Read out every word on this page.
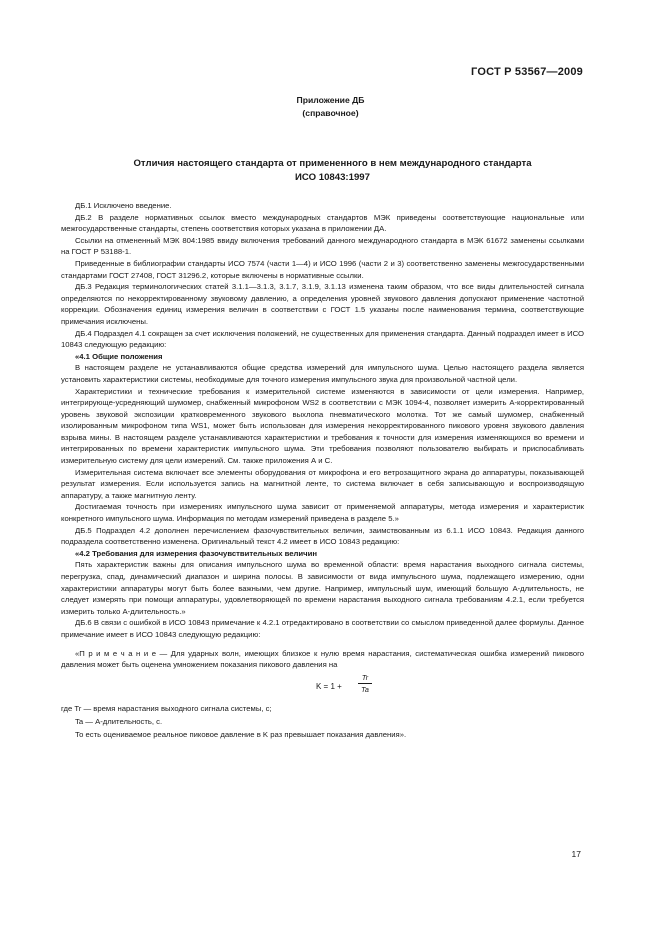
ГОСТ Р 53567—2009
Приложение ДБ
(справочное)
Отличия настоящего стандарта от примененного в нем международного стандарта
ИСО 10843:1997

ДБ.1 Исключено введение.

ДБ.2 В разделе нормативных ссылок вместо международных стандартов МЭК приведены соответствующие национальные или межгосударственные стандарты, степень соответствия которых указана в приложении ДА.

Ссылки на отмененный МЭК 804:1985 ввиду включения требований данного международного стандарта в МЭК 61672 заменены ссылками на ГОСТ Р 53188-1.

Приведенные в библиографии стандарты ИСО 7574 (части 1—4) и ИСО 1996 (части 2 и 3) соответственно заменены межгосударственными стандартами ГОСТ 27408, ГОСТ 31296.2, которые включены в нормативные ссылки.

ДБ.3 Редакция терминологических статей 3.1.1—3.1.3, 3.1.7, 3.1.9, 3.1.13 изменена таким образом, что все виды длительностей сигнала определяются по некорректированному звуковому давлению, а определения уровней звукового давления допускают применение частотной коррекции. Обозначения единиц измерения величин в соответствии с ГОСТ 1.5 указаны после наименования термина, соответствующие примечания исключены.

ДБ.4 Подраздел 4.1 сокращен за счет исключения положений, не существенных для применения стандарта. Данный подраздел имеет в ИСО 10843 следующую редакцию:

«4.1 Общие положения

В настоящем разделе не устанавливаются общие средства измерений для импульсного шума. Целью настоящего раздела является установить характеристики системы, необходимые для точного измерения импульсного звука для произвольной частной цели.

Характеристики и технические требования к измерительной системе изменяются в зависимости от цели измерения. Например, интегрирующе-усредняющий шумомер, снабженный микрофоном WS2 в соответствии с МЭК 1094-4, позволяет измерить А-корректированный уровень звуковой экспозиции кратковременного звукового выхлопа пневматического молотка. Тот же самый шумомер, снабженный изолированным микрофоном типа WS1, может быть использован для измерения некорректированного пикового уровня звукового давления взрыва мины. В настоящем разделе устанавливаются характеристики и требования к точности для измерения изменяющихся во времени и интегрированных по времени характеристик импульсного шума. Эти требования позволяют пользователю выбирать и приспосабливать измерительную систему для цели измерений. См. также приложения А и С.

Измерительная система включает все элементы оборудования от микрофона и его ветрозащитного экрана до аппаратуры, показывающей результат измерения. Если используется запись на магнитной ленте, то система включает в себя записывающую и воспроизводящую аппаратуру, а также магнитную ленту.

Достигаемая точность при измерениях импульсного шума зависит от применяемой аппаратуры, метода измерения и характеристик конкретного импульсного шума. Информация по методам измерений приведена в разделе 5.»

ДБ.5 Подраздел 4.2 дополнен перечислением фазочувствительных величин, заимствованным из 6.1.1 ИСО 10843. Редакция данного подраздела соответственно изменена. Оригинальный текст 4.2 имеет в ИСО 10843 редакцию:

«4.2 Требования для измерения фазочувствительных величин

Пять характеристик важны для описания импульсного шума во временной области: время нарастания выходного сигнала системы, перегрузка, спад, динамический диапазон и ширина полосы. В зависимости от вида импульсного шума, подлежащего измерению, одни характеристики аппаратуры могут быть более важными, чем другие. Например, импульсный шум, имеющий большую А-длительность, не следует измерять при помощи аппаратуры, удовлетворяющей по времени нарастания выходного сигнала требованиям 4.2.1, если требуется измерить только А-длительность.»

ДБ.6 В связи с ошибкой в ИСО 10843 примечание к 4.2.1 отредактировано в соответствии со смыслом приведенной далее формулы. Данное примечание имеет в ИСО 10843 следующую редакцию:

«П р и м е ч а н и е — Для ударных волн, имеющих близкое к нулю время нарастания, систематическая ошибка измерений пикового давления может быть оценена умножением показания пикового давления на

$K = 1 + \frac{Tr}{Ta}$
где Tr — время нарастания выходного сигнала системы, с;
Ta — А-длительность, с.
То есть оцениваемое реальное пиковое давление в K раз превышает показания давления».
17
